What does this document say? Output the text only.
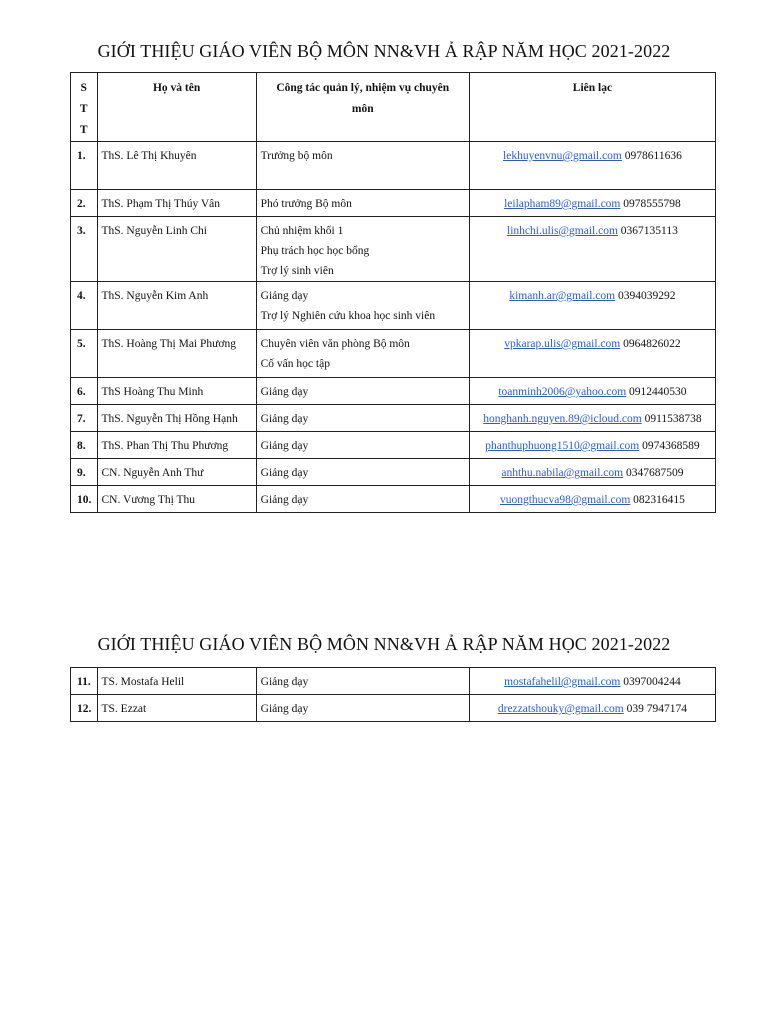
GIỚI THIỆU GIÁO VIÊN BỘ MÔN NN&VH Ả RẬP NĂM HỌC 2021-2022
ST T	Họ và tên	Công tác quản lý, nhiệm vụ chuyên môn	Liên lạc
1.	ThS. Lê Thị Khuyên	Trưởng bộ môn	lekhuyenvnu@gmail.com 0978611636
2.	ThS. Phạm Thị Thúy Vân	Phó trưởng Bộ môn	leilapham89@gmail.com 0978555798
3.	ThS. Nguyễn Linh Chi	Chủ nhiệm khối 1
Phụ trách học học bổng
Trợ lý sinh viên	linhchi.ulis@gmail.com 0367135113
4.	ThS. Nguyễn Kim Anh	Giảng dạy
Trợ lý Nghiên cứu khoa học sinh viên	kimanh.ar@gmail.com 0394039292
5.	ThS. Hoàng Thị Mai Phương	Chuyên viên văn phòng Bộ môn
Cố vấn học tập	vpkarap.ulis@gmail.com 0964826022
6.	ThS Hoàng Thu Minh	Giảng dạy	toanminh2006@yahoo.com 0912440530
7.	ThS. Nguyễn Thị Hồng Hạnh	Giảng dạy	honghanh.nguyen.89@icloud.com 0911538738
8.	ThS. Phan Thị Thu Phương	Giảng dạy	phanthuphuong1510@gmail.com 0974368589
9.	CN. Nguyễn Anh Thư	Giảng dạy	anhthu.nabila@gmail.com 0347687509
10.	CN. Vương Thị Thu	Giảng dạy	vuongthucva98@gmail.com 082316415
GIỚI THIỆU GIÁO VIÊN BỘ MÔN NN&VH Ả RẬP NĂM HỌC 2021-2022
11.	TS. Mostafa Helil	Giảng dạy	mostafahelil@gmail.com 0397004244
12.	TS. Ezzat	Giảng dạy	drezzatshouky@gmail.com 039 7947174
